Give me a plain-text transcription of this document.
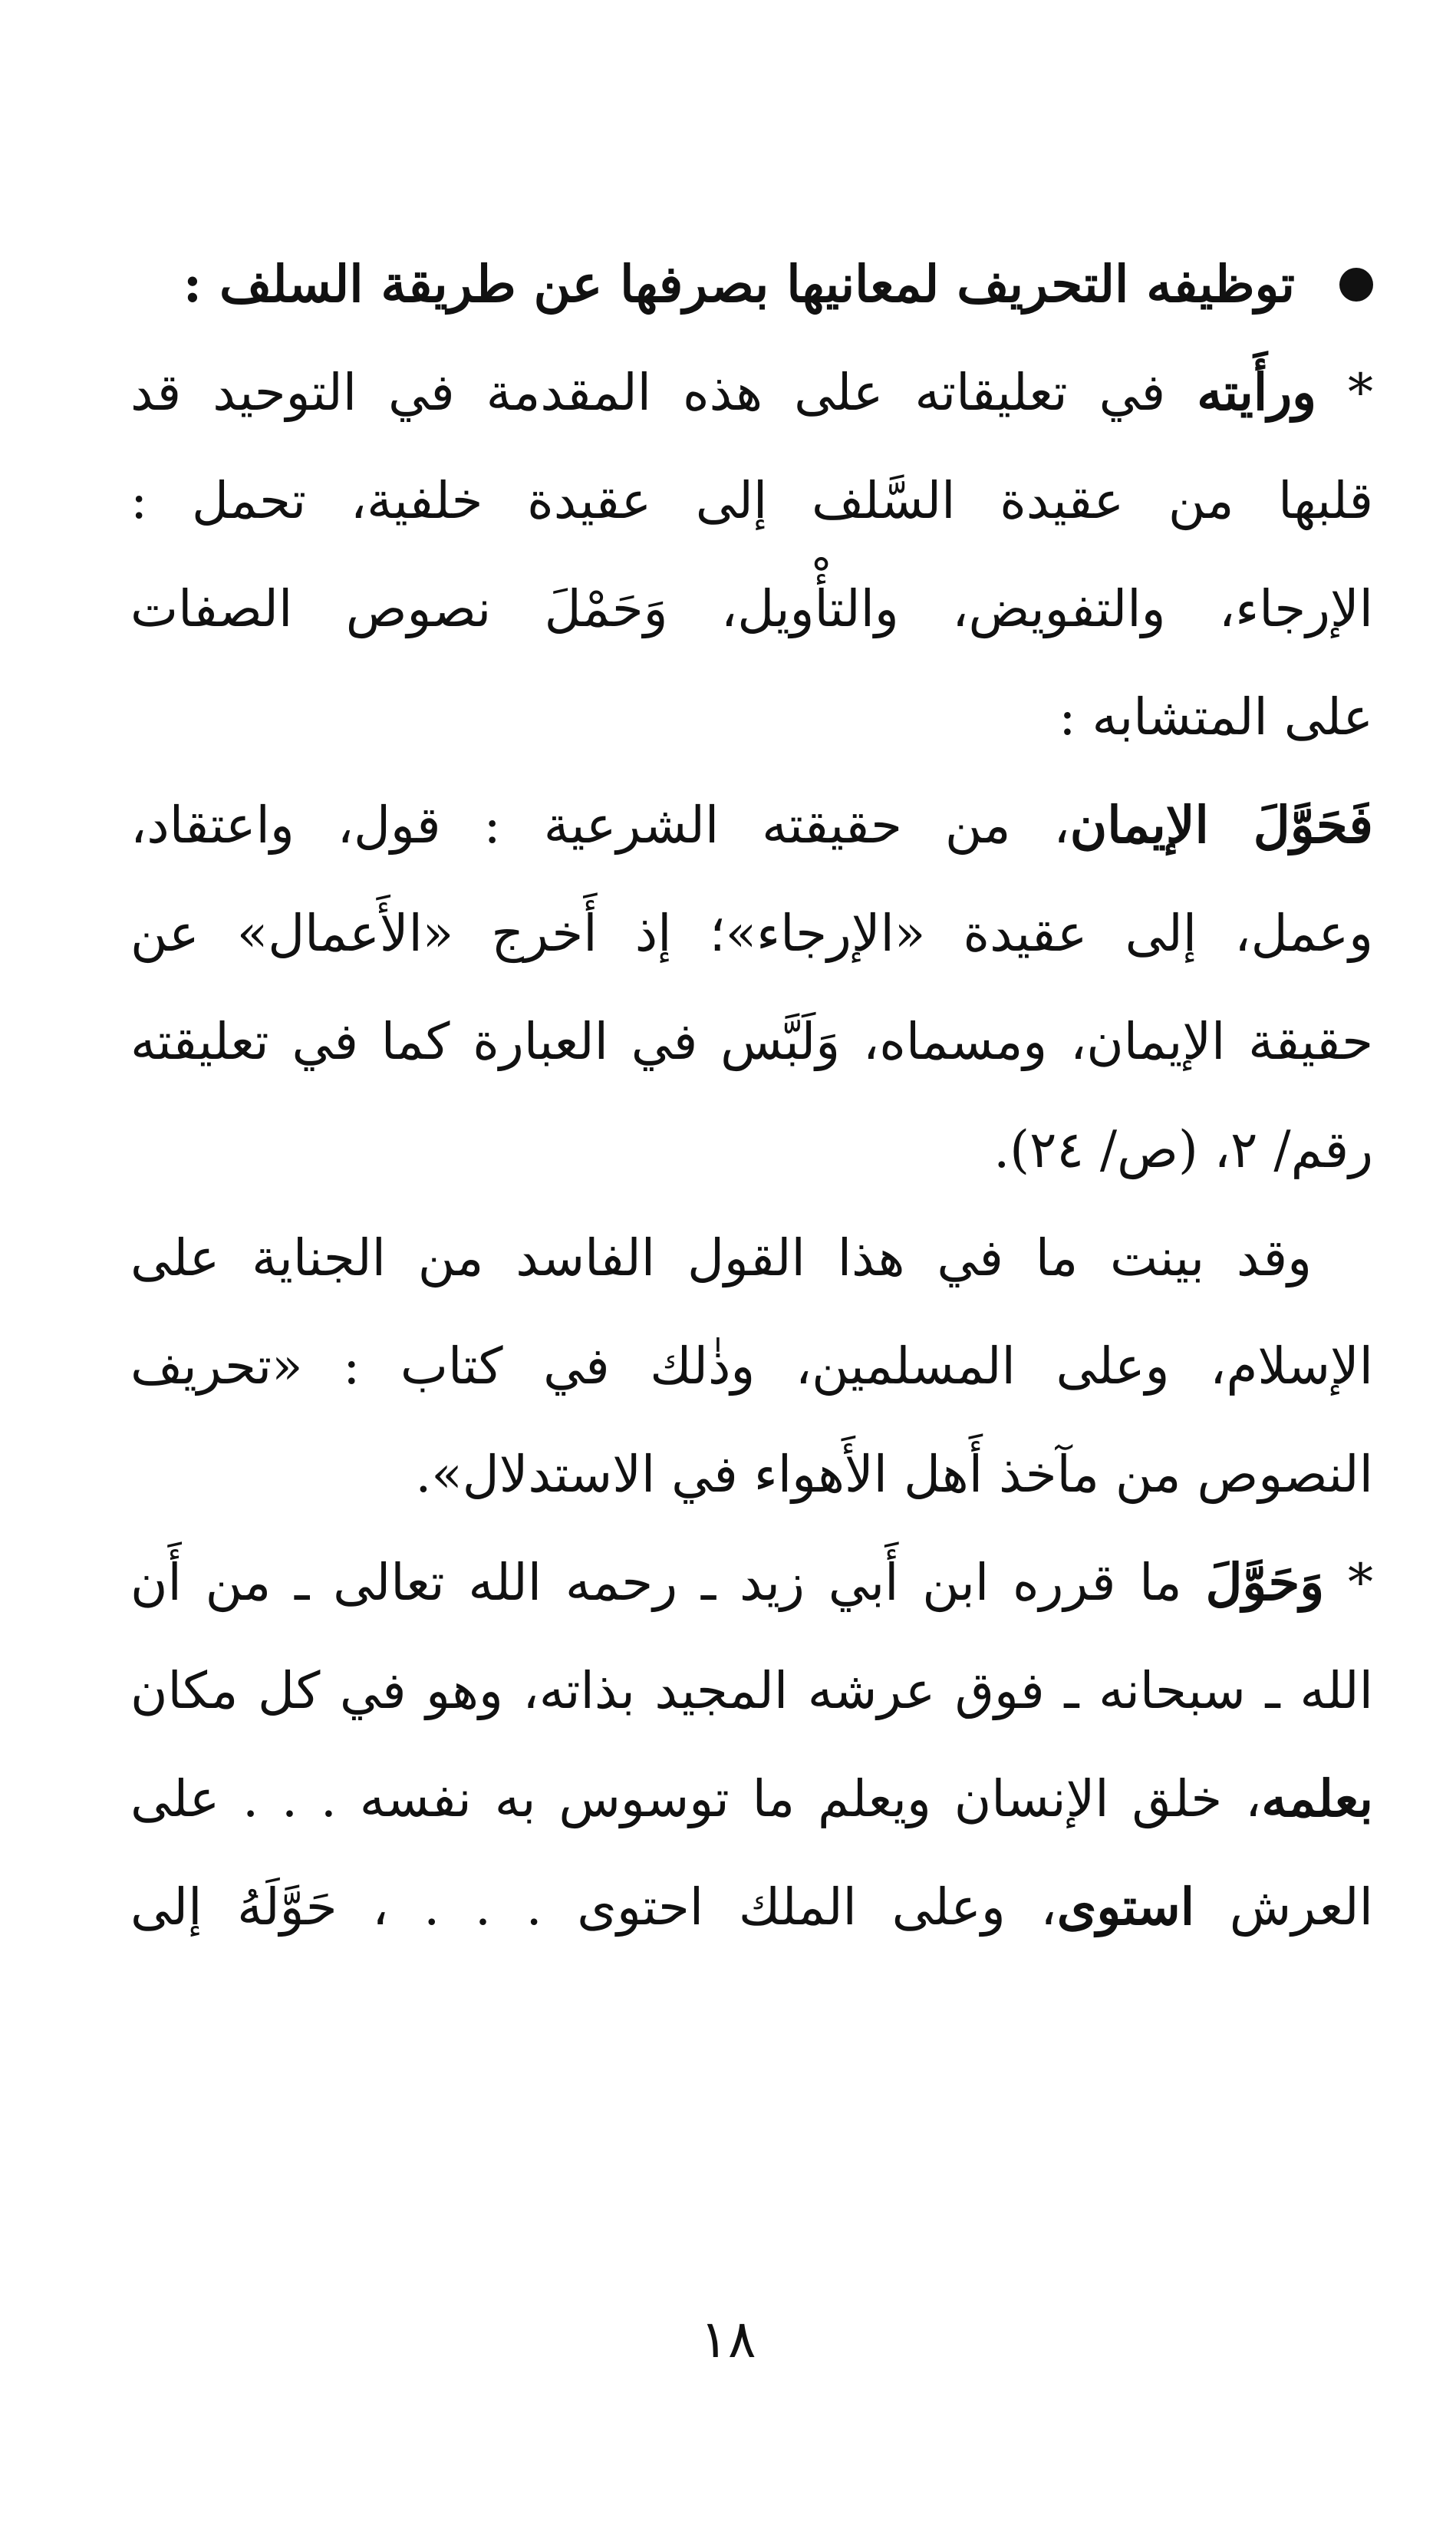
توظيفه التحريف لمعانيها بصرفها عن طريقة السلف :
* ورأَيته في تعليقاته على هذه المقدمة في التوحيد قد
قلبها من عقيدة السَّلف إلى عقيدة خلفية، تحمل :
الإرجاء، والتفويض، والتأْويل، وَحَمْلَ نصوص الصفات
على المتشابه :
فَحَوَّلَ الإيمان، من حقيقته الشرعية : قول، واعتقاد،
وعمل، إلى عقيدة «الإرجاء»؛ إذ أَخرج «الأَعمال» عن
حقيقة الإيمان، ومسماه، وَلَبَّس في العبارة كما في تعليقته
رقم/ ٢، (ص/ ٢٤).
وقد بينت ما في هذا القول الفاسد من الجناية على
الإسلام، وعلى المسلمين، وذٰلك في كتاب : «تحريف
النصوص من مآخذ أَهل الأَهواء في الاستدلال».
* وَحَوَّلَ ما قرره ابن أَبي زيد ـ رحمه الله تعالى ـ من أَن
الله ـ سبحانه ـ فوق عرشه المجيد بذاته، وهو في كل مكان
بعلمه، خلق الإنسان ويعلم ما توسوس به نفسه . . . على
العرش استوى، وعلى الملك احتوى . . . ، حَوَّلَهُ إلى
١٨
